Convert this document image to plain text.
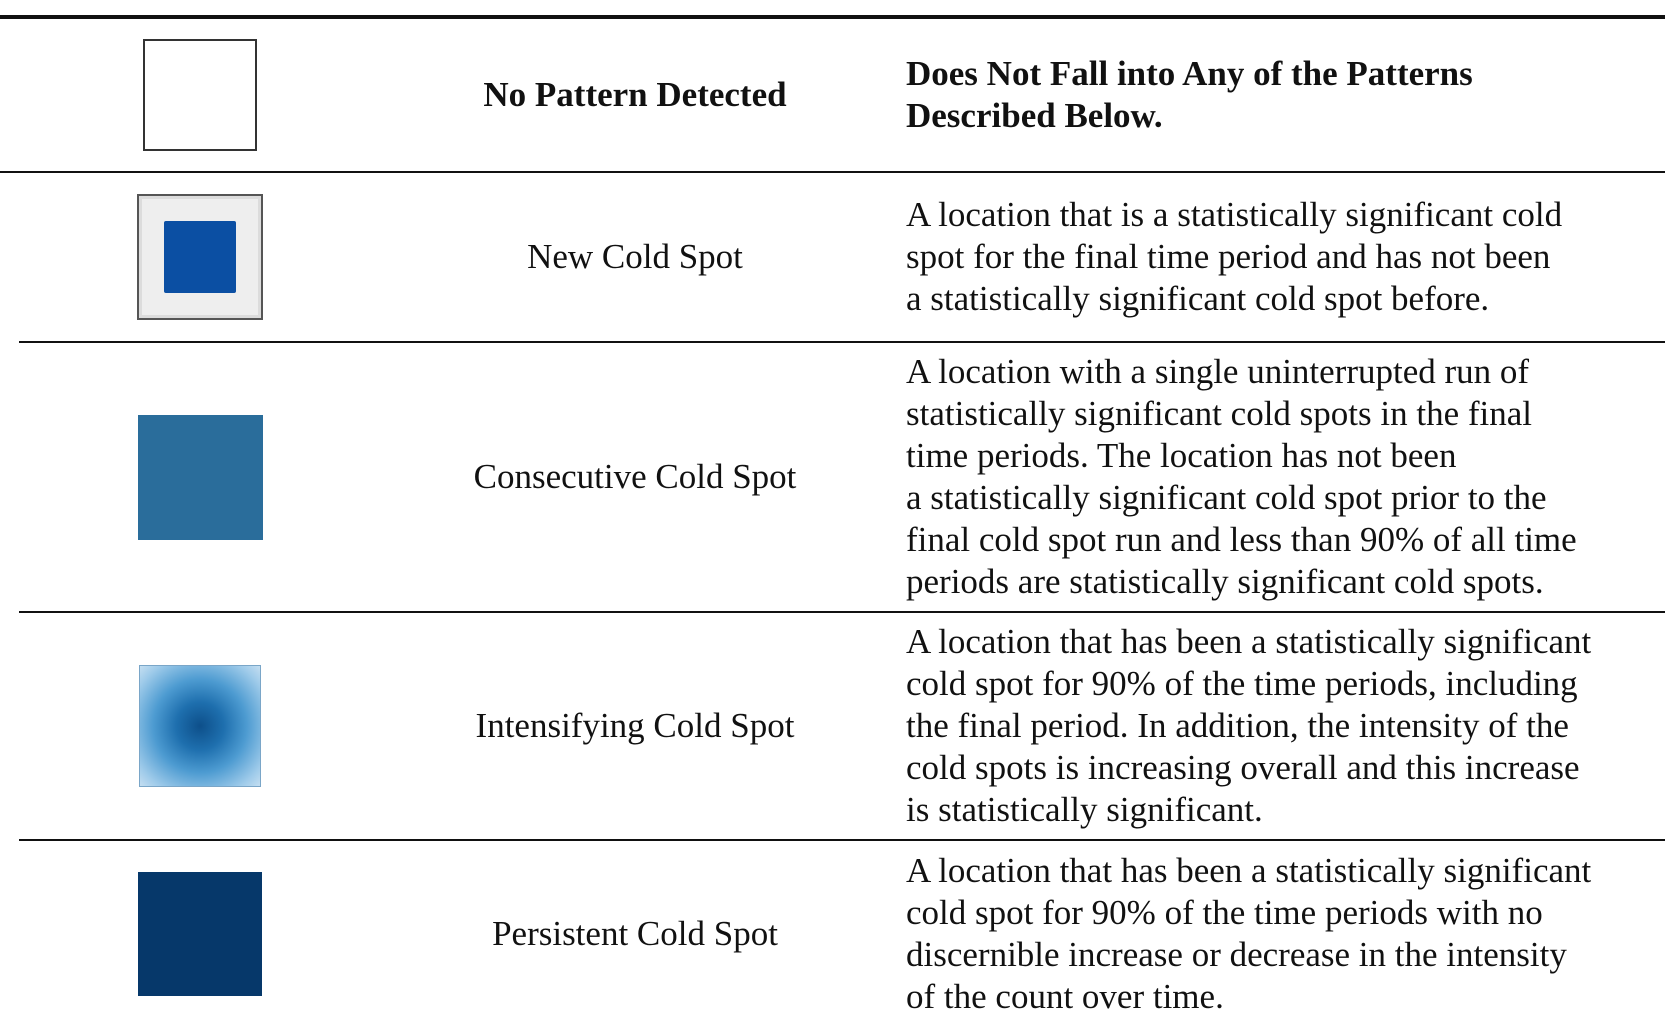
No Pattern Detected
Does Not Fall into Any of the Patterns
Described Below.
New Cold Spot
A location that is a statistically significant cold
spot for the final time period and has not been
a statistically significant cold spot before.
Consecutive Cold Spot
A location with a single uninterrupted run of
statistically significant cold spots in the final
time periods. The location has not been
a statistically significant cold spot prior to the
final cold spot run and less than 90% of all time
periods are statistically significant cold spots.
Intensifying Cold Spot
A location that has been a statistically significant
cold spot for 90% of the time periods, including
the final period. In addition, the intensity of the
cold spots is increasing overall and this increase
is statistically significant.
Persistent Cold Spot
A location that has been a statistically significant
cold spot for 90% of the time periods with no
discernible increase or decrease in the intensity
of the count over time.
